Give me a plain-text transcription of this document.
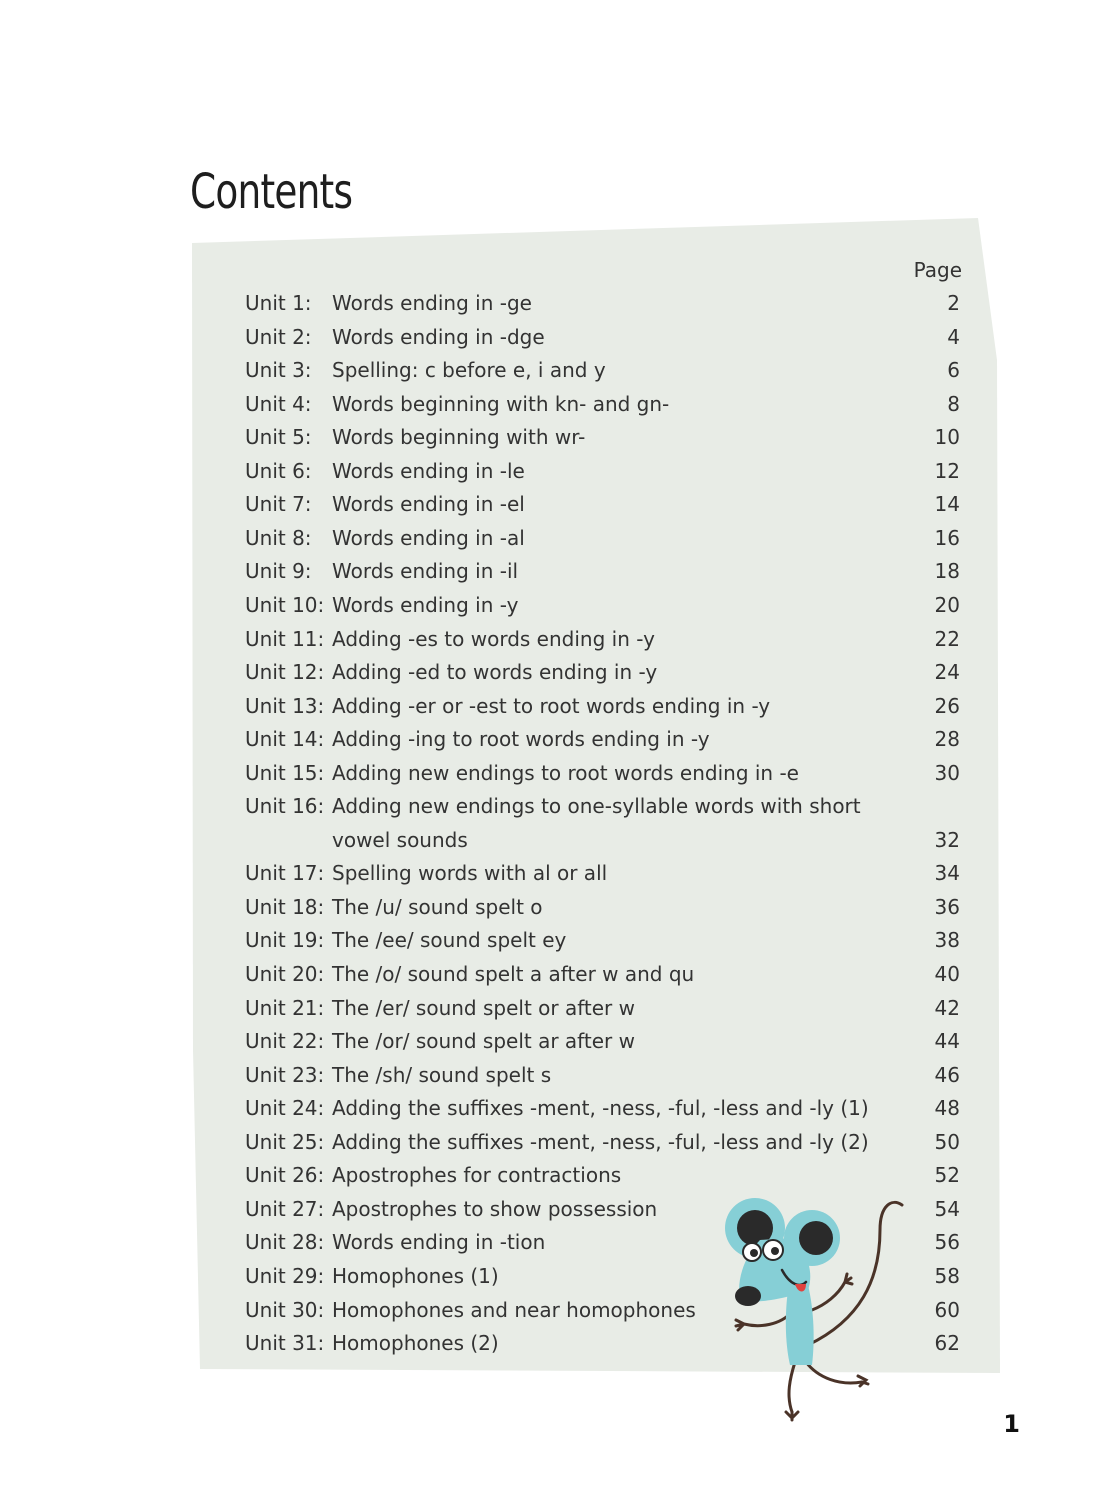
Contents
Page
Unit 1: Words ending in -ge	2
Unit 2: Words ending in -dge	4
Unit 3: Spelling: c before e, i and y	6
Unit 4: Words beginning with kn- and gn-	8
Unit 5: Words beginning with wr-	10
Unit 6: Words ending in -le	12
Unit 7: Words ending in -el	14
Unit 8: Words ending in -al	16
Unit 9: Words ending in -il	18
Unit 10: Words ending in -y	20
Unit 11: Adding -es to words ending in -y	22
Unit 12: Adding -ed to words ending in -y	24
Unit 13: Adding -er or -est to root words ending in -y	26
Unit 14: Adding -ing to root words ending in -y	28
Unit 15: Adding new endings to root words ending in -e	30
Unit 16: Adding new endings to one-syllable words with short
vowel sounds	32
Unit 17: Spelling words with al or all	34
Unit 18: The /u/ sound spelt o	36
Unit 19: The /ee/ sound spelt ey	38
Unit 20: The /o/ sound spelt a after w and qu	40
Unit 21: The /er/ sound spelt or after w	42
Unit 22: The /or/ sound spelt ar after w	44
Unit 23: The /sh/ sound spelt s	46
Unit 24: Adding the suffixes -ment, -ness, -ful, -less and -ly (1)	48
Unit 25: Adding the suffixes -ment, -ness, -ful, -less and -ly (2)	50
Unit 26: Apostrophes for contractions	52
Unit 27: Apostrophes to show possession	54
Unit 28: Words ending in -tion	56
Unit 29: Homophones (1)	58
Unit 30: Homophones and near homophones	60
Unit 31: Homophones (2)	62
1
